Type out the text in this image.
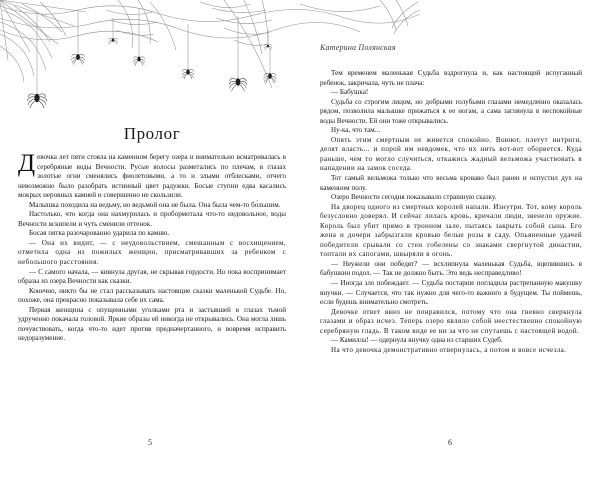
Пролог

Девочка лет пяти стояла на каменном берегу озера и внимательно всматривалась в серебряные воды Вечности. Русые волосы разметались по плечам, в глазах золотые огни сменялись фиолетовыми, а то и злыми отблесками, отчего невозможно было разобрать истинный цвет радужки. Босые ступни едва касались мокрых неровных камней и совершенно не скользили.

Малышка походила на ведьму, но ведьмой она не была. Она была чем-то бо́льшим.

Настолько, что когда она нахмурилась и пробормотала что-то недовольное, воды Вечности вскипели и чуть сменили оттенок.

Босая пятка разочарованно ударила по камню.

— Она их видит, — с неудовольствием, смешанным с восхищением, отметила одна из пожилых женщин, присматривавших за ребенком с небольшого расстояния.

— С самого начала, — кивнула другая, не скрывая гордости. Но пока воспринимает образы из озера Вечности как сказки.

Конечно, никто бы не стал рассказывать настоящие сказки маленькой Судьбе. Но, похоже, она прекрасно показывала себе их сама.

Первая женщина с опущенными уголками рта и застывшей в глазах тьмой удрученно покачала головой. Яркие образы ей никогда не открывались. Она могла лишь почувствовать, когда что-то идет против предначертанного, и вовремя исправить недоразумение.

5
Катерина Полянская

Тем временем маленькая Судьба вздрогнула и, как настоящий испуганный ребенок, закричала, чуть не плача:

— Бабушка!

Судьба со строгим лицом, но добрыми голубыми глазами немедленно оказалась рядом, позволила малышке прижаться к ее ногам, а сама заглянула в неспокойные воды Вечности. Ей они тоже открывались.

Ну-ка, что там...

Опять этим смертным не живется спокойно. Воюют, плетут интриги, делят власть... и порой им невдомек, что их нить вот-вот оборвется. Куда раньше, чем то могло случиться, откажись жадный вельможа участвовать в нападении на замок соседа.

Тот самый вельможа только что весьма кроваво был ранен и испустил дух на каменном полу.

Озеро Вечности сегодня показывало страшную сказку.

На дворец одного из смертных королей напали. Изнутри. Тот, кому король безусловно доверял. И сейчас лилась кровь, кричали люди, звенело оружие. Король был убит прямо в тронном зале, пытаясь закрыть собой сына. Его жена и дочери забрызгали кровью белые розы в саду. Опьяненные удачей победители срывали со стен гобелены со знаками свергнутой династии, топтали их сапогами, швыряли в огонь.

— Неужели они победят? — всхлипнула маленькая Судьба, вцепившись в бабушкин подол. — Так не должно быть. Это ведь несправедливо!

— Иногда зло побеждает. — Судьба постарше погладила растрепанную макушку внучки. — Случается, что так нужно для чего-то важного в будущем. Ты поймешь, если будешь внимательно смотреть.

Девочке ответ явно не понравился, потому что она гневно сверкнула глазами и образ исчез. Теперь озеро являло собой неестественно спокойную серебряную гладь. В таком виде ее ни за что не спутаешь с настоящей водой.

— Камилла! — одернула внучку одна из старших Судеб.

На что девочка демонстративно отвернулась, а потом и вовсе исчезла.

6
